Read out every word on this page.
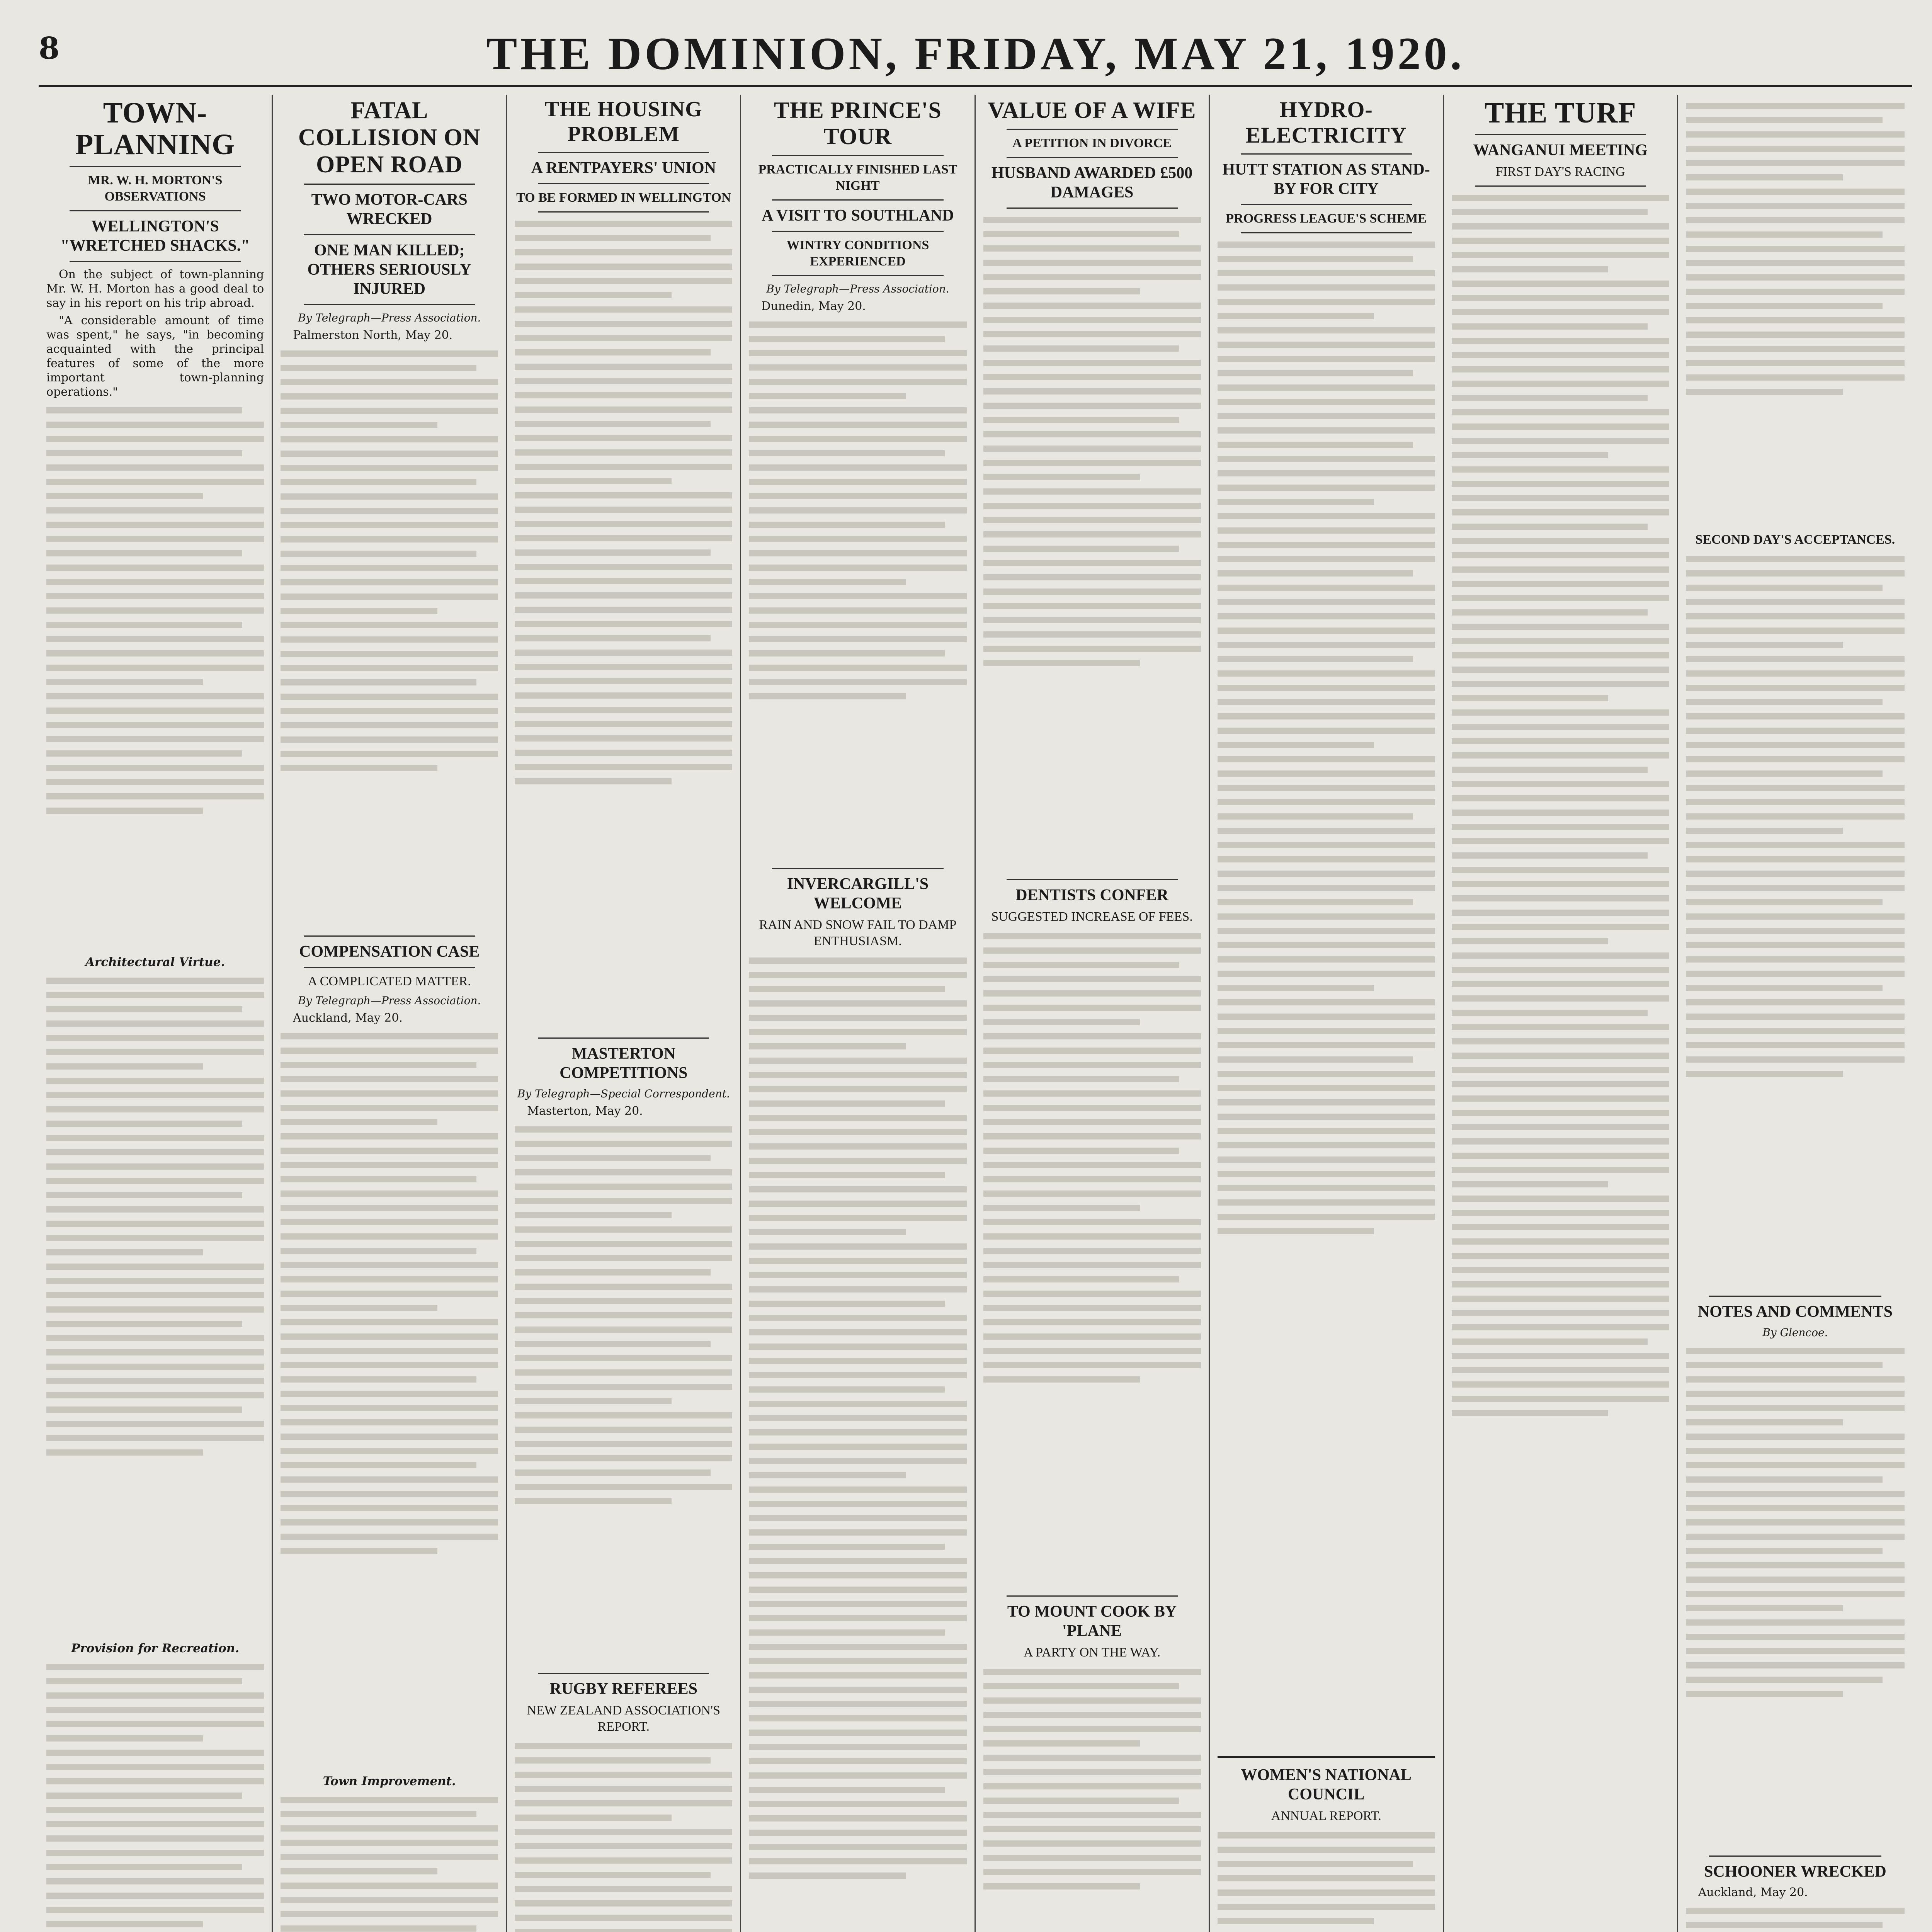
8	THE DOMINION, FRIDAY, MAY 21, 1920.
TOWN-PLANNING
MR. W. H. MORTON'S OBSERVATIONS
WELLINGTON'S "WRETCHED SHACKS."

On the subject of town-planning Mr. W. H. Morton has a good deal to say in his report on his trip abroad.

"A considerable amount of time was spent," he says, "in becoming acquainted with the principal features of some of the more important town-planning operations."

Architectural Virtue.
Provision for Recreation.
FATAL COLLISION ON OPEN ROAD
TWO MOTOR-CARS WRECKED
ONE MAN KILLED; OTHERS SERIOUSLY INJURED
By Telegraph—Press Association.
Palmerston North, May 20.
COMPENSATION CASE
A COMPLICATED MATTER.
By Telegraph—Press Association.
Auckland, May 20.
Town Improvement.
THE HOUSING PROBLEM
A RENTPAYERS' UNION
TO BE FORMED IN WELLINGTON
MASTERTON COMPETITIONS
By Telegraph—Special Correspondent.
Masterton, May 20.
RUGBY REFEREES
NEW ZEALAND ASSOCIATION'S REPORT.
THE PRINCE'S TOUR
PRACTICALLY FINISHED LAST NIGHT
A VISIT TO SOUTHLAND
WINTRY CONDITIONS EXPERIENCED
By Telegraph—Press Association.
Dunedin, May 20.
INVERCARGILL'S WELCOME
RAIN AND SNOW FAIL TO DAMP ENTHUSIASM.
VALUE OF A WIFE
A PETITION IN DIVORCE
HUSBAND AWARDED £500 DAMAGES
DENTISTS CONFER
SUGGESTED INCREASE OF FEES.
TO MOUNT COOK BY 'PLANE
A PARTY ON THE WAY.
HYDRO-ELECTRICITY
HUTT STATION AS STAND-BY FOR CITY
PROGRESS LEAGUE'S SCHEME
WOMEN'S NATIONAL COUNCIL
ANNUAL REPORT.
THE TURF
WANGANUI MEETING
FIRST DAY'S RACING
SECOND DAY'S ACCEPTANCES.
NOTES AND COMMENTS
By Glencoe.
SCHOONER WRECKED
Auckland, May 20.
